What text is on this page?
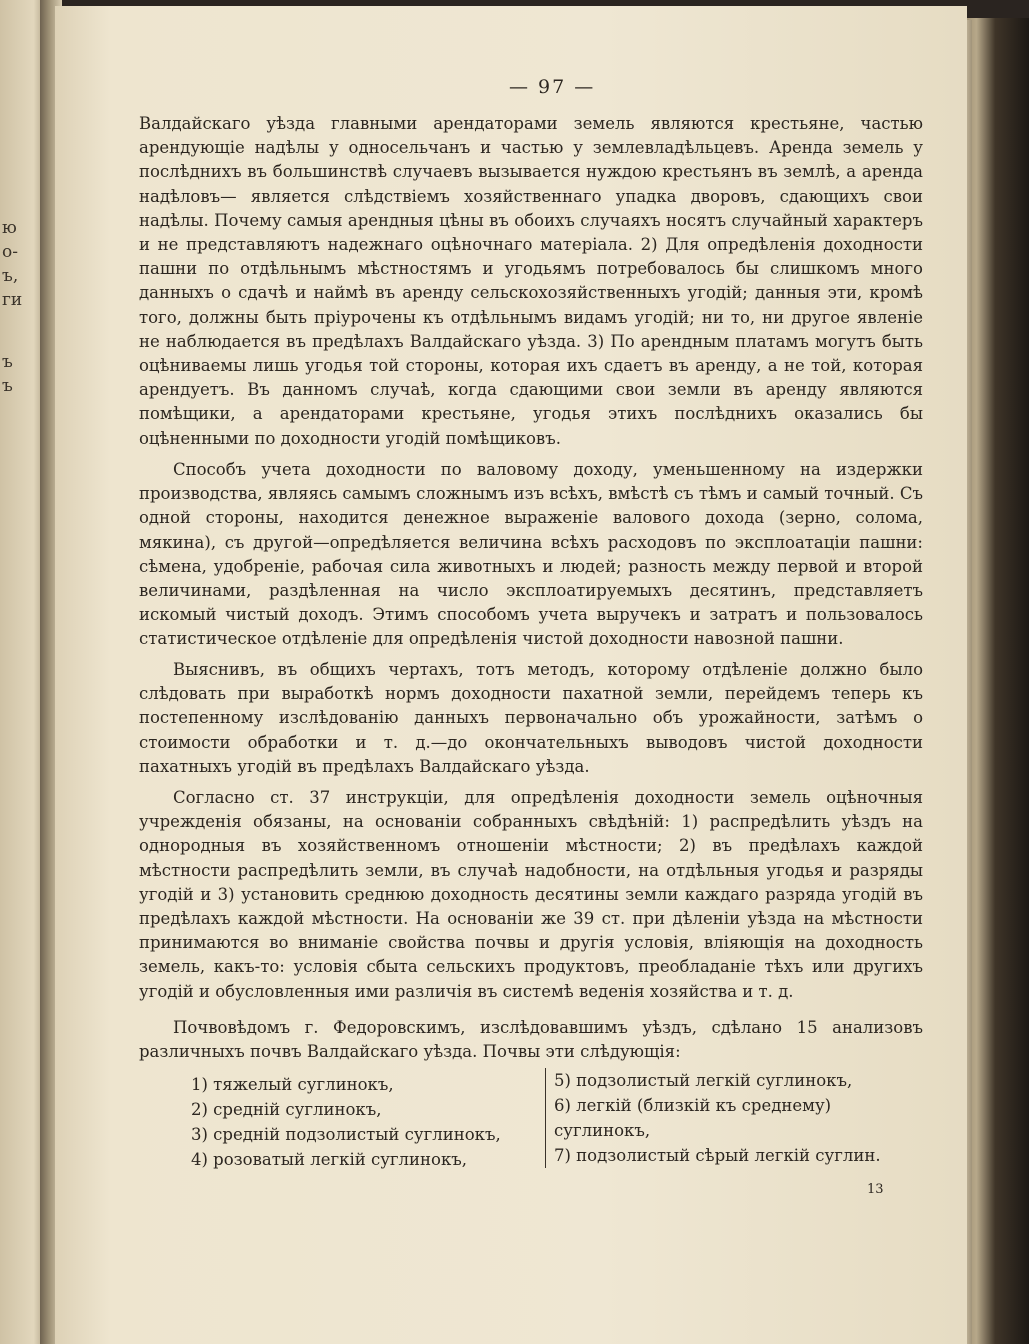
ю
о-
ъ,
ги
ъ
ъ
— 97 —

Валдайскаго уѣзда главными арендаторами земель являются крестьяне, частью арендующіе надѣлы у односельчанъ и частью у землевладѣльцевъ. Аренда земель у послѣднихъ въ большинствѣ случаевъ вызывается нуждою крестьянъ въ землѣ, а аренда надѣловъ— является слѣдствіемъ хозяйственнаго упадка дворовъ, сдающихъ свои надѣлы. Почему самыя арендныя цѣны въ обоихъ случаяхъ носятъ случайный характеръ и не представляютъ надежнаго оцѣночнаго матеріала. 2) Для опредѣленія доходности пашни по отдѣльнымъ мѣстностямъ и угодьямъ потребовалось бы слишкомъ много данныхъ о сдачѣ и наймѣ въ аренду сельскохозяйственныхъ угодій; данныя эти, кромѣ того, должны быть пріурочены къ отдѣльнымъ видамъ угодій; ни то, ни другое явленіе не наблюдается въ предѣлахъ Валдайскаго уѣзда. 3) По арендным платамъ могутъ быть оцѣниваемы лишь угодья той стороны, которая ихъ сдаетъ въ аренду, а не той, которая арендуетъ. Въ данномъ случаѣ, когда сдающими свои земли въ аренду являются помѣщики, а арендаторами крестьяне, угодья этихъ послѣднихъ оказались бы оцѣненными по доходности угодій помѣщиковъ.

Способъ учета доходности по валовому доходу, уменьшенному на издержки производства, являясь самымъ сложнымъ изъ всѣхъ, вмѣстѣ съ тѣмъ и самый точный. Съ одной стороны, находится денежное выраженіе валового дохода (зерно, солома, мякина), съ другой—опредѣляется величина всѣхъ расходовъ по эксплоатаціи пашни: сѣмена, удобреніе, рабочая сила животныхъ и людей; разность между первой и второй величинами, раздѣленная на число эксплоатируемыхъ десятинъ, представляетъ искомый чистый доходъ. Этимъ способомъ учета выручекъ и затратъ и пользовалось статистическое отдѣленіе для опредѣленія чистой доходности навозной пашни.

Выяснивъ, въ общихъ чертахъ, тотъ методъ, которому отдѣленіе должно было слѣдовать при выработкѣ нормъ доходности пахатной земли, перейдемъ теперь къ постепенному изслѣдованію данныхъ первоначально объ урожайности, затѣмъ о стоимости обработки и т. д.—до окончательныхъ выводовъ чистой доходности пахатныхъ угодій въ предѣлахъ Валдайскаго уѣзда.

Согласно ст. 37 инструкціи, для опредѣленія доходности земель оцѣночныя учрежденія обязаны, на основаніи собранныхъ свѣдѣній: 1) распредѣлить уѣздъ на однородныя въ хозяйственномъ отношеніи мѣстности; 2) въ предѣлахъ каждой мѣстности распредѣлить земли, въ случаѣ надобности, на отдѣльныя угодья и разряды угодій и 3) установить среднюю доходность десятины земли каждаго разряда угодій въ предѣлахъ каждой мѣстности. На основаніи же 39 ст. при дѣленіи уѣзда на мѣстности принимаются во вниманіе свойства почвы и другія условія, вліяющія на доходность земель, какъ-то: условія сбыта сельскихъ продуктовъ, преобладаніе тѣхъ или другихъ угодій и обусловленныя ими различія въ системѣ веденія хозяйства и т. д.

Почвовѣдомъ г. Федоровскимъ, изслѣдовавшимъ уѣздъ, сдѣлано 15 анализовъ различныхъ почвъ Валдайскаго уѣзда. Почвы эти слѣдующія:

1) тяжелый суглинокъ,
2) средній суглинокъ,
3) средній подзолистый суглинокъ,
4) розоватый легкій суглинокъ,
5) подзолистый легкій суглинокъ,
6) легкій (близкій къ среднему) суглинокъ,
7) подзолистый сѣрый легкій суглин.
13
